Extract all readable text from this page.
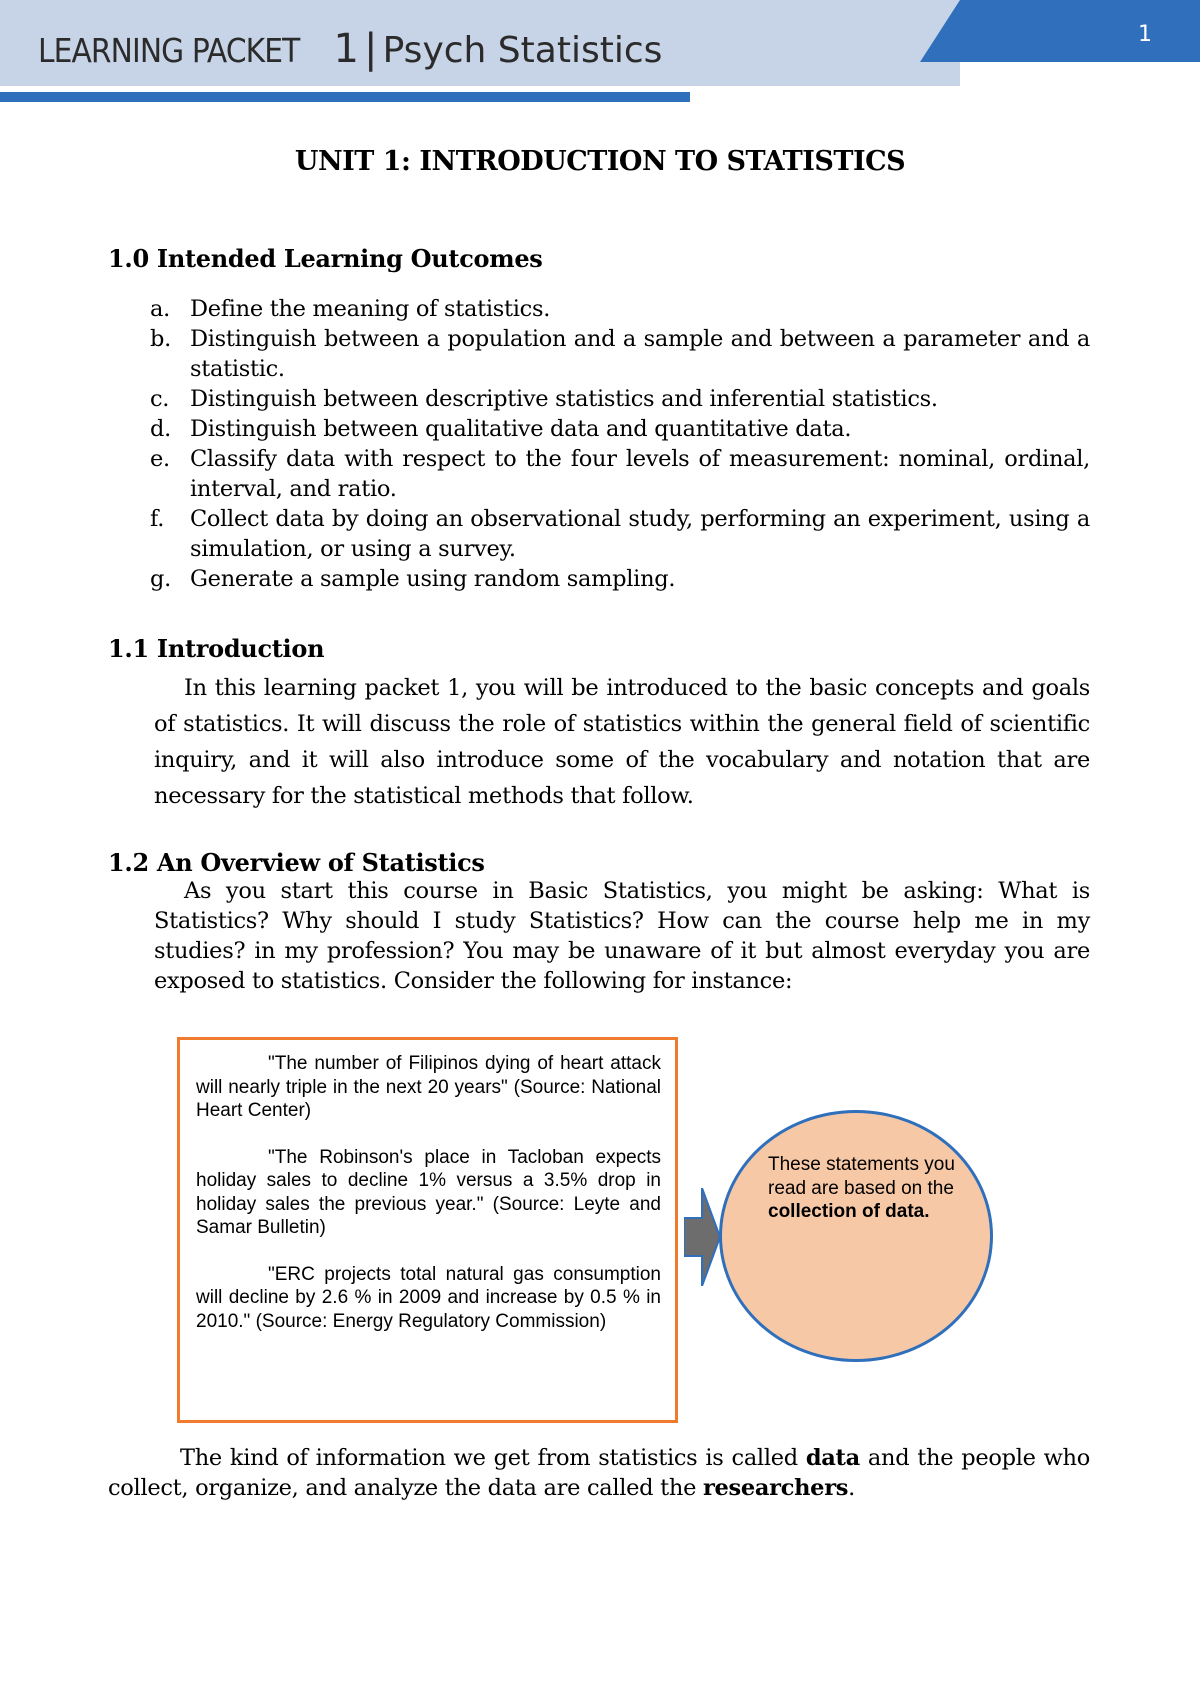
LEARNING PACKET 1 | Psych Statistics	1
UNIT 1: INTRODUCTION TO STATISTICS
1.0 Intended Learning Outcomes
a. Define the meaning of statistics.
b. Distinguish between a population and a sample and between a parameter and a statistic.
c. Distinguish between descriptive statistics and inferential statistics.
d. Distinguish between qualitative data and quantitative data.
e. Classify data with respect to the four levels of measurement: nominal, ordinal, interval, and ratio.
f.	Collect data by doing an observational study, performing an experiment, using a simulation, or using a survey.
g. Generate a sample using random sampling.
1.1 Introduction

In this learning packet 1, you will be introduced to the basic concepts and goals of statistics. It will discuss the role of statistics within the general field of scientific inquiry, and it will also introduce some of the vocabulary and notation that are necessary for the statistical methods that follow.

1.2 An Overview of Statistics

As you start this course in Basic Statistics, you might be asking: What is Statistics? Why should I study Statistics? How can the course help me in my studies? in my profession? You may be unaware of it but almost everyday you are exposed to statistics. Consider the following for instance:

"The number of Filipinos dying of heart attack will nearly triple in the next 20 years" (Source: National Heart Center)

"The Robinson's place in Tacloban expects holiday sales to decline 1% versus a 3.5% drop in holiday sales the previous year." (Source: Leyte and Samar Bulletin)

"ERC projects total natural gas consumption will decline by 2.6 % in 2009 and increase by 0.5 % in 2010." (Source: Energy Regulatory Commission)

These statements you read are based on the collection of data.

The kind of information we get from statistics is called data and the people who collect, organize, and analyze the data are called the researchers.
